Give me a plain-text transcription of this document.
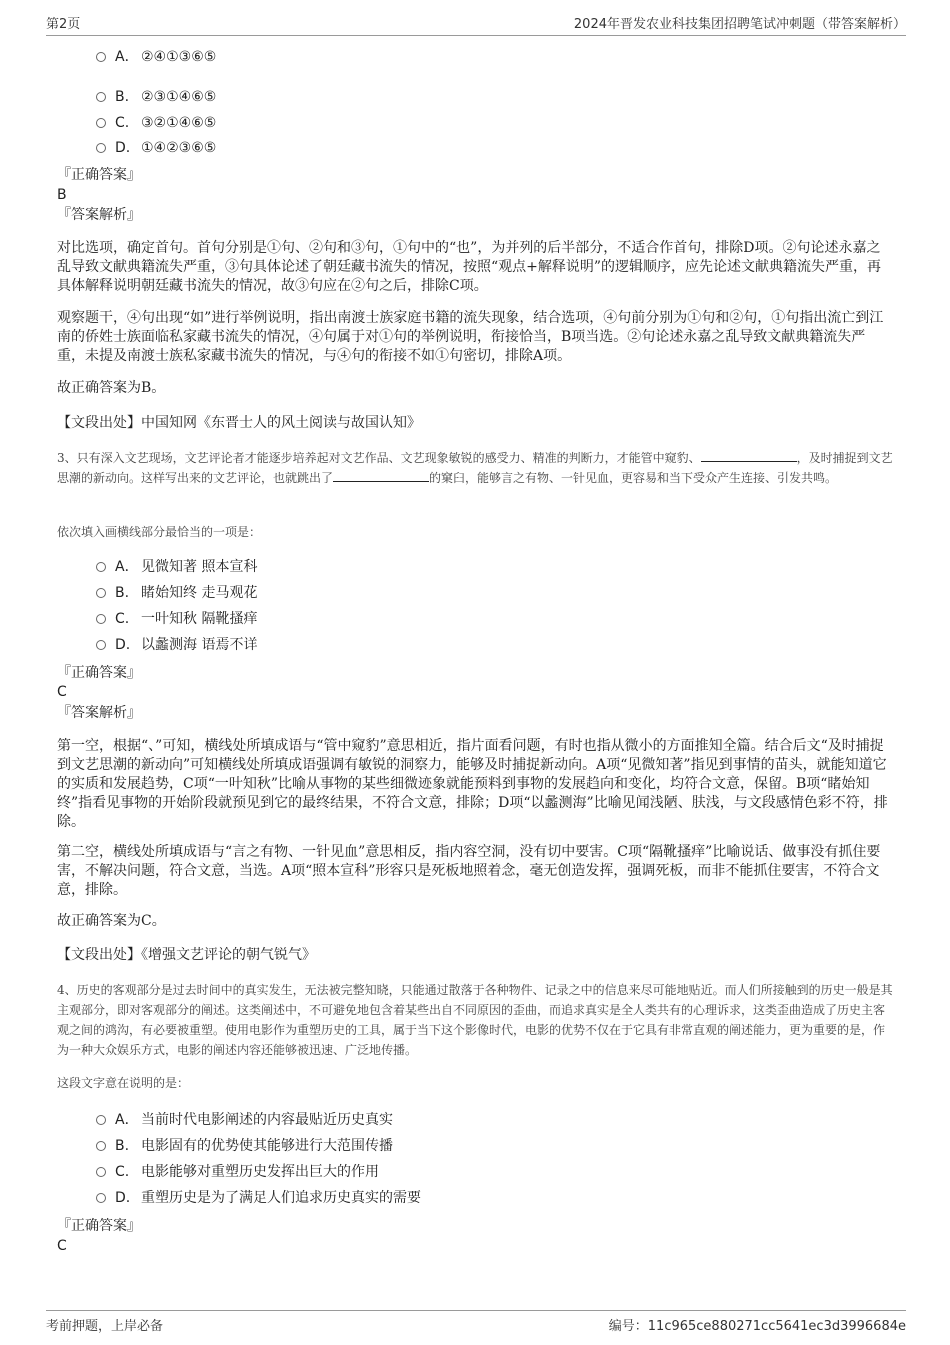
第2页	2024年晋发农业科技集团招聘笔试冲刺题（带答案解析）
A． ②④①③⑥⑤
B. ②③①④⑥⑤
C. ③②①④⑥⑤
D. ①④②③⑥⑤
『正确答案』
B
『答案解析』
对比选项，确定首句。首句分别是①句、②句和③句，①句中的“也”，为并列的后半部分，不适合作首句，排除D项。②句论述永嘉之乱导致文献典籍流失严重，③句具体论述了朝廷藏书流失的情况，按照“观点+解释说明”的逻辑顺序，应先论述文献典籍流失严重，再具体解释说明朝廷藏书流失的情况，故③句应在②句之后，排除C项。
观察题干，④句出现“如”进行举例说明，指出南渡士族家庭书籍的流失现象，结合选项，④句前分别为①句和②句，①句指出流亡到江南的侨姓士族面临私家藏书流失的情况，④句属于对①句的举例说明，衔接恰当，B项当选。②句论述永嘉之乱导致文献典籍流失严重，未提及南渡士族私家藏书流失的情况，与④句的衔接不如①句密切，排除A项。
故正确答案为B。
【文段出处】中国知网《东晋士人的风土阅读与故国认知》
3、只有深入文艺现场，文艺评论者才能逐步培养起对文艺作品、文艺现象敏锐的感受力、精准的判断力，才能管中窥豹、	，及时捕捉到文艺思潮的新动向。这样写出来的文艺评论，也就跳出了	的窠臼，能够言之有物、一针见血，更容易和当下受众产生连接、引发共鸣。
依次填入画横线部分最恰当的一项是：
A． 见微知著 照本宣科
B. 睹始知终 走马观花
C. 一叶知秋 隔靴搔痒
D. 以蠡测海 语焉不详
『正确答案』
C
『答案解析』
第一空，根据“、”可知，横线处所填成语与“管中窥豹”意思相近，指片面看问题，有时也指从微小的方面推知全篇。结合后文“及时捕捉到文艺思潮的新动向”可知横线处所填成语强调有敏锐的洞察力，能够及时捕捉新动向。A项“见微知著”指见到事情的苗头，就能知道它的实质和发展趋势，C项“一叶知秋”比喻从事物的某些细微迹象就能预料到事物的发展趋向和变化，均符合文意，保留。B项“睹始知终”指看见事物的开始阶段就预见到它的最终结果，不符合文意，排除；D项“以蠡测海”比喻见闻浅陋、肤浅，与文段感情色彩不符，排除。
第二空，横线处所填成语与“言之有物、一针见血”意思相反，指内容空洞，没有切中要害。C项“隔靴搔痒”比喻说话、做事没有抓住要害，不解决问题，符合文意，当选。A项“照本宣科”形容只是死板地照着念，毫无创造发挥，强调死板，而非不能抓住要害，不符合文意，排除。
故正确答案为C。
【文段出处】《增强文艺评论的朝气锐气》
4、历史的客观部分是过去时间中的真实发生，无法被完整知晓，只能通过散落于各种物件、记录之中的信息来尽可能地贴近。而人们所接触到的历史一般是其主观部分，即对客观部分的阐述。这类阐述中，不可避免地包含着某些出自不同原因的歪曲，而追求真实是全人类共有的心理诉求，这类歪曲造成了历史主客观之间的鸿沟，有必要被重塑。使用电影作为重塑历史的工具，属于当下这个影像时代，电影的优势不仅在于它具有非常直观的阐述能力，更为重要的是，作为一种大众娱乐方式，电影的阐述内容还能够被迅速、广泛地传播。
这段文字意在说明的是：
A． 当前时代电影阐述的内容最贴近历史真实
B. 电影固有的优势使其能够进行大范围传播
C. 电影能够对重塑历史发挥出巨大的作用
D. 重塑历史是为了满足人们追求历史真实的需要
『正确答案』
C
考前押题，上岸必备	编号：11c965ce880271cc5641ec3d3996684e
